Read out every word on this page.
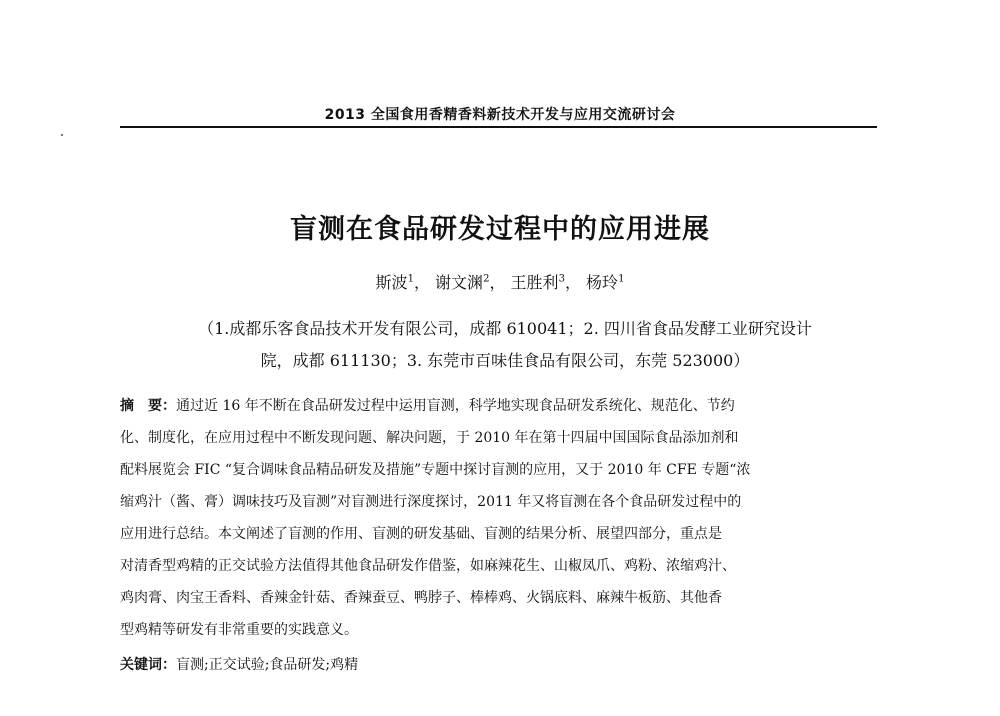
2013 全国食用香精香料新技术开发与应用交流研讨会
盲测在食品研发过程中的应用进展
斯波$^1$， 谢文渊$^2$， 王胜利$^3$， 杨玲$^1$
（1.成都乐客食品技术开发有限公司，成都 610041；2. 四川省食品发酵工业研究设计
院，成都 611130；3. 东莞市百味佳食品有限公司，东莞 523000）
摘　要：通过近 16 年不断在食品研发过程中运用盲测，科学地实现食品研发系统化、规范化、节约
化、制度化，在应用过程中不断发现问题、解决问题，于 2010 年在第十四届中国国际食品添加剂和
配料展览会 FIC “复合调味食品精品研发及措施”专题中探讨盲测的应用，又于 2010 年 CFE 专题“浓
缩鸡汁（酱、膏）调味技巧及盲测”对盲测进行深度探讨，2011 年又将盲测在各个食品研发过程中的
应用进行总结。本文阐述了盲测的作用、盲测的研发基础、盲测的结果分析、展望四部分，重点是
对清香型鸡精的正交试验方法值得其他食品研发作借鉴，如麻辣花生、山椒凤爪、鸡粉、浓缩鸡汁、
鸡肉膏、肉宝王香料、香辣金针菇、香辣蚕豆、鸭脖子、棒棒鸡、火锅底料、麻辣牛板筋、其他香
型鸡精等研发有非常重要的实践意义。
关键词：盲测;正交试验;食品研发;鸡精
